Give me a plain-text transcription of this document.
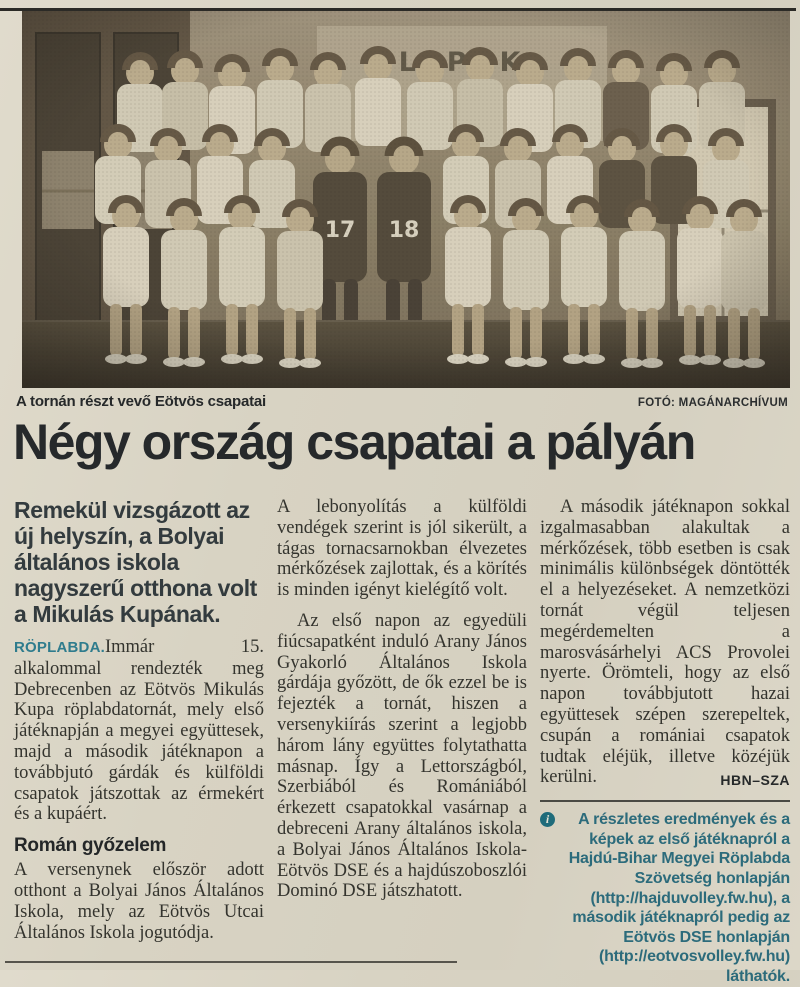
A tornán részt vevő Eötvös csapatai	FOTÓ: MAGÁNARCHÍVUM
Négy ország csapatai a pályán

Remekül vizsgázott az új helyszín, a Bolyai általános iskola nagyszerű otthona volt a Mikulás Kupának.

RÖPLABDA.Immár 15. alkalommal rendezték meg Debrecenben az Eötvös Mikulás Kupa röplabdatornát, mely első játéknapján a megyei együttesek, majd a második játéknapon a továbbjutó gárdák és külföldi csapatok játszottak az érmekért és a kupáért.

Román győzelem

A versenynek először adott otthont a Bolyai János Általános Iskola, mely az Eötvös Utcai Általános Iskola jogutódja.

A lebonyolítás a külföldi vendégek szerint is jól sikerült, a tágas tornacsarnokban élvezetes mérkőzések zajlottak, és a körítés is minden igényt kielégítő volt.

Az első napon az egyedüli fiúcsapatként induló Arany János Gyakorló Általános Iskola gárdája győzött, de ők ezzel be is fejezték a tornát, hiszen a versenykiírás szerint a legjobb három lány együttes folytathatta másnap. Így a Lettországból, Szerbiából és Romániából érkezett csapatokkal vasárnap a debreceni Arany általános iskola, a Bolyai János Általános Iskola-Eötvös DSE és a hajdúszoboszlói Dominó DSE játszhatott.

A második játéknapon sokkal izgalmasabban alakultak a mérkőzések, több esetben is csak minimális különbségek döntötték el a helyezéseket. A nemzetközi tornát végül teljesen megérdemelten a marosvásárhelyi ACS Provolei nyerte. Örömteli, hogy az első napon továbbjutott hazai együttesek szépen szerepeltek, csupán a romániai csapatok tudtak eléjük, illetve közéjük kerülni.	HBN–SZA

i	A részletes eredmények és a képek az első játéknapról a Hajdú-Bihar Megyei Röplabda Szövetség honlapján (http://hajduvolley.fw.hu), a második játéknapról pedig az Eötvös DSE honlapján (http://eotvosvolley.fw.hu) láthatók.
